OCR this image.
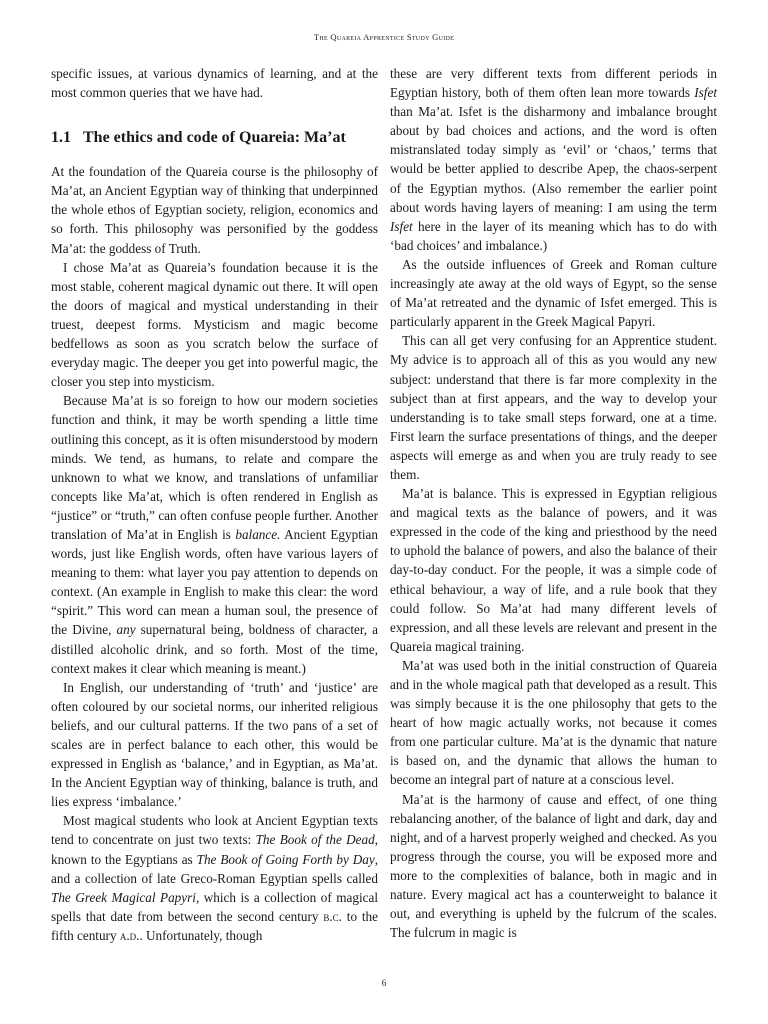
The Quareia Apprentice Study Guide

specific issues, at various dynamics of learning, and at the most common queries that we have had.

1.1 The ethics and code of Quareia: Ma’at

At the foundation of the Quareia course is the philosophy of Ma’at, an Ancient Egyptian way of thinking that underpinned the whole ethos of Egyptian society, religion, economics and so forth. This philosophy was personified by the goddess Ma’at: the goddess of Truth.

I chose Ma’at as Quareia’s foundation because it is the most stable, coherent magical dynamic out there. It will open the doors of magical and mystical understanding in their truest, deepest forms. Mysticism and magic become bedfellows as soon as you scratch below the surface of everyday magic. The deeper you get into powerful magic, the closer you step into mysticism.

Because Ma’at is so foreign to how our modern societies function and think, it may be worth spending a little time outlining this concept, as it is often misunderstood by modern minds. We tend, as humans, to relate and compare the unknown to what we know, and translations of unfamiliar concepts like Ma’at, which is often rendered in English as “justice” or “truth,” can often confuse people further. Another translation of Ma’at in English is balance. Ancient Egyptian words, just like English words, often have various layers of meaning to them: what layer you pay attention to depends on context. (An example in English to make this clear: the word “spirit.” This word can mean a human soul, the presence of the Divine, any supernatural being, boldness of character, a distilled alcoholic drink, and so forth. Most of the time, context makes it clear which meaning is meant.)

In English, our understanding of ‘truth’ and ‘justice’ are often coloured by our societal norms, our inherited religious beliefs, and our cultural patterns. If the two pans of a set of scales are in perfect balance to each other, this would be expressed in English as ‘balance,’ and in Egyptian, as Ma’at. In the Ancient Egyptian way of thinking, balance is truth, and lies express ‘imbalance.’

Most magical students who look at Ancient Egyptian texts tend to concentrate on just two texts: The Book of the Dead, known to the Egyptians as The Book of Going Forth by Day, and a collection of late Greco-Roman Egyptian spells called The Greek Magical Papyri, which is a collection of magical spells that date from between the second century b.c. to the fifth century a.d.. Unfortunately, though

these are very different texts from different periods in Egyptian history, both of them often lean more towards Isfet than Ma’at. Isfet is the disharmony and imbalance brought about by bad choices and actions, and the word is often mistranslated today simply as ‘evil’ or ‘chaos,’ terms that would be better applied to describe Apep, the chaos-serpent of the Egyptian mythos. (Also remember the earlier point about words having layers of meaning: I am using the term Isfet here in the layer of its meaning which has to do with ‘bad choices’ and imbalance.)

As the outside influences of Greek and Roman culture increasingly ate away at the old ways of Egypt, so the sense of Ma’at retreated and the dynamic of Isfet emerged. This is particularly apparent in the Greek Magical Papyri.

This can all get very confusing for an Apprentice student. My advice is to approach all of this as you would any new subject: understand that there is far more complexity in the subject than at first appears, and the way to develop your understanding is to take small steps forward, one at a time. First learn the surface presentations of things, and the deeper aspects will emerge as and when you are truly ready to see them.

Ma’at is balance. This is expressed in Egyptian religious and magical texts as the balance of powers, and it was expressed in the code of the king and priesthood by the need to uphold the balance of powers, and also the balance of their day-to-day conduct. For the people, it was a simple code of ethical behaviour, a way of life, and a rule book that they could follow. So Ma’at had many different levels of expression, and all these levels are relevant and present in the Quareia magical training.

Ma’at was used both in the initial construction of Quareia and in the whole magical path that developed as a result. This was simply because it is the one philosophy that gets to the heart of how magic actually works, not because it comes from one particular culture. Ma’at is the dynamic that nature is based on, and the dynamic that allows the human to become an integral part of nature at a conscious level.

Ma’at is the harmony of cause and effect, of one thing rebalancing another, of the balance of light and dark, day and night, and of a harvest properly weighed and checked. As you progress through the course, you will be exposed more and more to the complexities of balance, both in magic and in nature. Every magical act has a counterweight to balance it out, and everything is upheld by the fulcrum of the scales. The fulcrum in magic is

6
